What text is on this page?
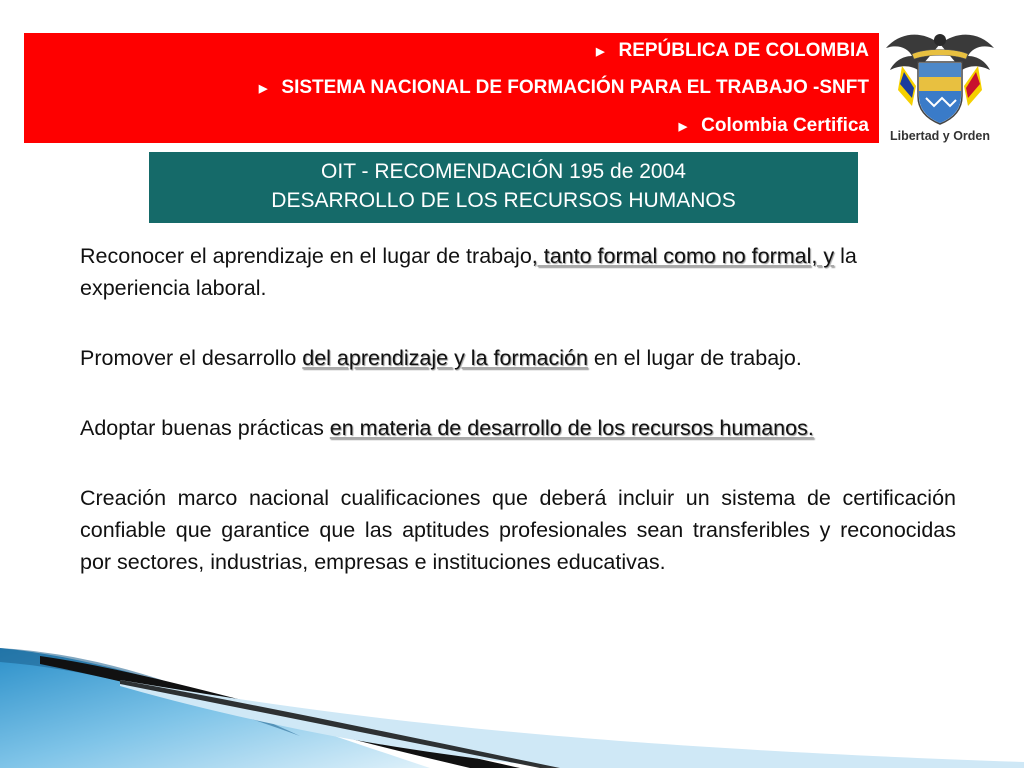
▶ REPÚBLICA DE COLOMBIA
▶ SISTEMA NACIONAL DE FORMACIÓN PARA EL TRABAJO -SNFT
▶ Colombia Certifica Libertad y Orden
OIT - RECOMENDACIÓN 195 de 2004
DESARROLLO DE LOS RECURSOS HUMANOS

Reconocer el aprendizaje en el lugar de trabajo, tanto formal como no formal, y la experiencia laboral.

Promover el desarrollo del aprendizaje y la formación en el lugar de trabajo.

Adoptar buenas prácticas en materia de desarrollo de los recursos humanos.

Creación marco nacional cualificaciones que deberá incluir un sistema de certificación confiable que garantice que las aptitudes profesionales sean transferibles y reconocidas por sectores, industrias, empresas e instituciones educativas.
